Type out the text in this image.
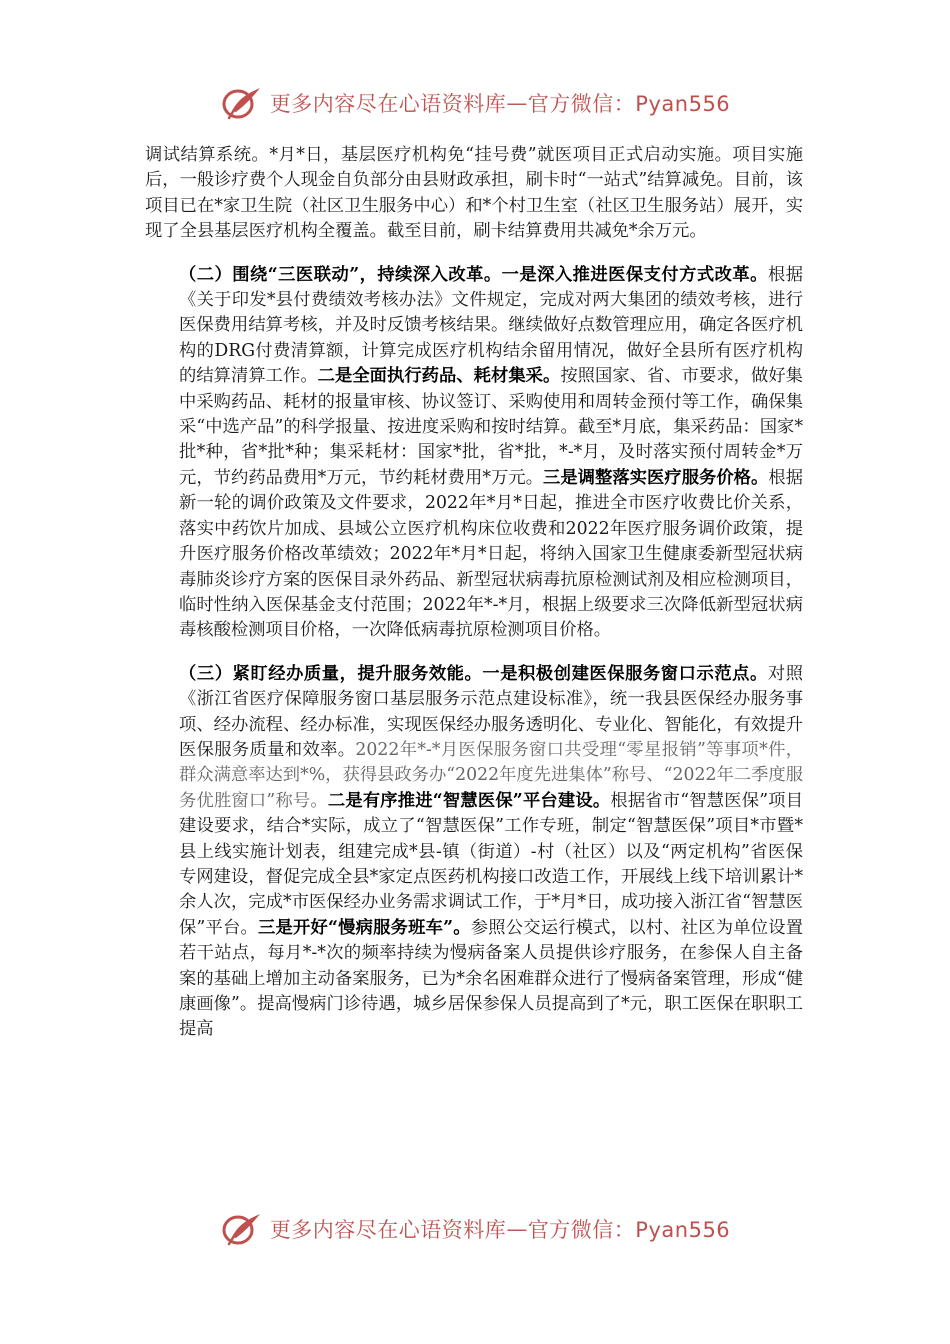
更多内容尽在心语资料库 — 官方微信：Pyan556

调试结算系统。*月*日，基层医疗机构免“挂号费”就医项目正式启动实施。项目实施后，一般诊疗费个人现金自负部分由县财政承担，刷卡时“一站式”结算减免。目前，该项目已在*家卫生院（社区卫生服务中心）和*个村卫生室（社区卫生服务站）展开，实现了全县基层医疗机构全覆盖。截至目前，刷卡结算费用共减免*余万元。

（二）围绕“三医联动”，持续深入改革。一是深入推进医保支付方式改革。根据《关于印发*县付费绩效考核办法》文件规定，完成对两大集团的绩效考核，进行医保费用结算考核，并及时反馈考核结果。继续做好点数管理应用，确定各医疗机构的DRG付费清算额，计算完成医疗机构结余留用情况，做好全县所有医疗机构的结算清算工作。二是全面执行药品、耗材集采。按照国家、省、市要求，做好集中采购药品、耗材的报量审核、协议签订、采购使用和周转金预付等工作，确保集采“中选产品”的科学报量、按进度采购和按时结算。截至*月底，集采药品：国家*批*种，省*批*种；集采耗材：国家*批，省*批，*-*月，及时落实预付周转金*万元，节约药品费用*万元，节约耗材费用*万元。三是调整落实医疗服务价格。根据新一轮的调价政策及文件要求，2022年*月*日起，推进全市医疗收费比价关系，落实中药饮片加成、县域公立医疗机构床位收费和2022年医疗服务调价政策，提升医疗服务价格改革绩效；2022年*月*日起，将纳入国家卫生健康委新型冠状病毒肺炎诊疗方案的医保目录外药品、新型冠状病毒抗原检测试剂及相应检测项目，临时性纳入医保基金支付范围；2022年*-*月，根据上级要求三次降低新型冠状病毒核酸检测项目价格，一次降低病毒抗原检测项目价格。

（三）紧盯经办质量，提升服务效能。一是积极创建医保服务窗口示范点。对照《浙江省医疗保障服务窗口基层服务示范点建设标准》，统一我县医保经办服务事项、经办流程、经办标准，实现医保经办服务透明化、专业化、智能化，有效提升医保服务质量和效率。2022年*-*月医保服务窗口共受理“零星报销”等事项*件，群众满意率达到*%，获得县政务办“2022年度先进集体”称号、“2022年二季度服务优胜窗口”称号。二是有序推进“智慧医保”平台建设。根据省市“智慧医保”项目建设要求，结合*实际，成立了“智慧医保”工作专班，制定“智慧医保”项目*市暨*县上线实施计划表，组建完成*县-镇（街道）-村（社区）以及“两定机构”省医保专网建设，督促完成全县*家定点医药机构接口改造工作，开展线上线下培训累计*余人次，完成*市医保经办业务需求调试工作，于*月*日，成功接入浙江省“智慧医保”平台。三是开好“慢病服务班车”。参照公交运行模式，以村、社区为单位设置若干站点，每月*-*次的频率持续为慢病备案人员提供诊疗服务，在参保人自主备案的基础上增加主动备案服务，已为*余名困难群众进行了慢病备案管理，形成“健康画像”。提高慢病门诊待遇，城乡居保参保人员提高到了*元，职工医保在职职工提高

更多内容尽在心语资料库 — 官方微信：Pyan556
